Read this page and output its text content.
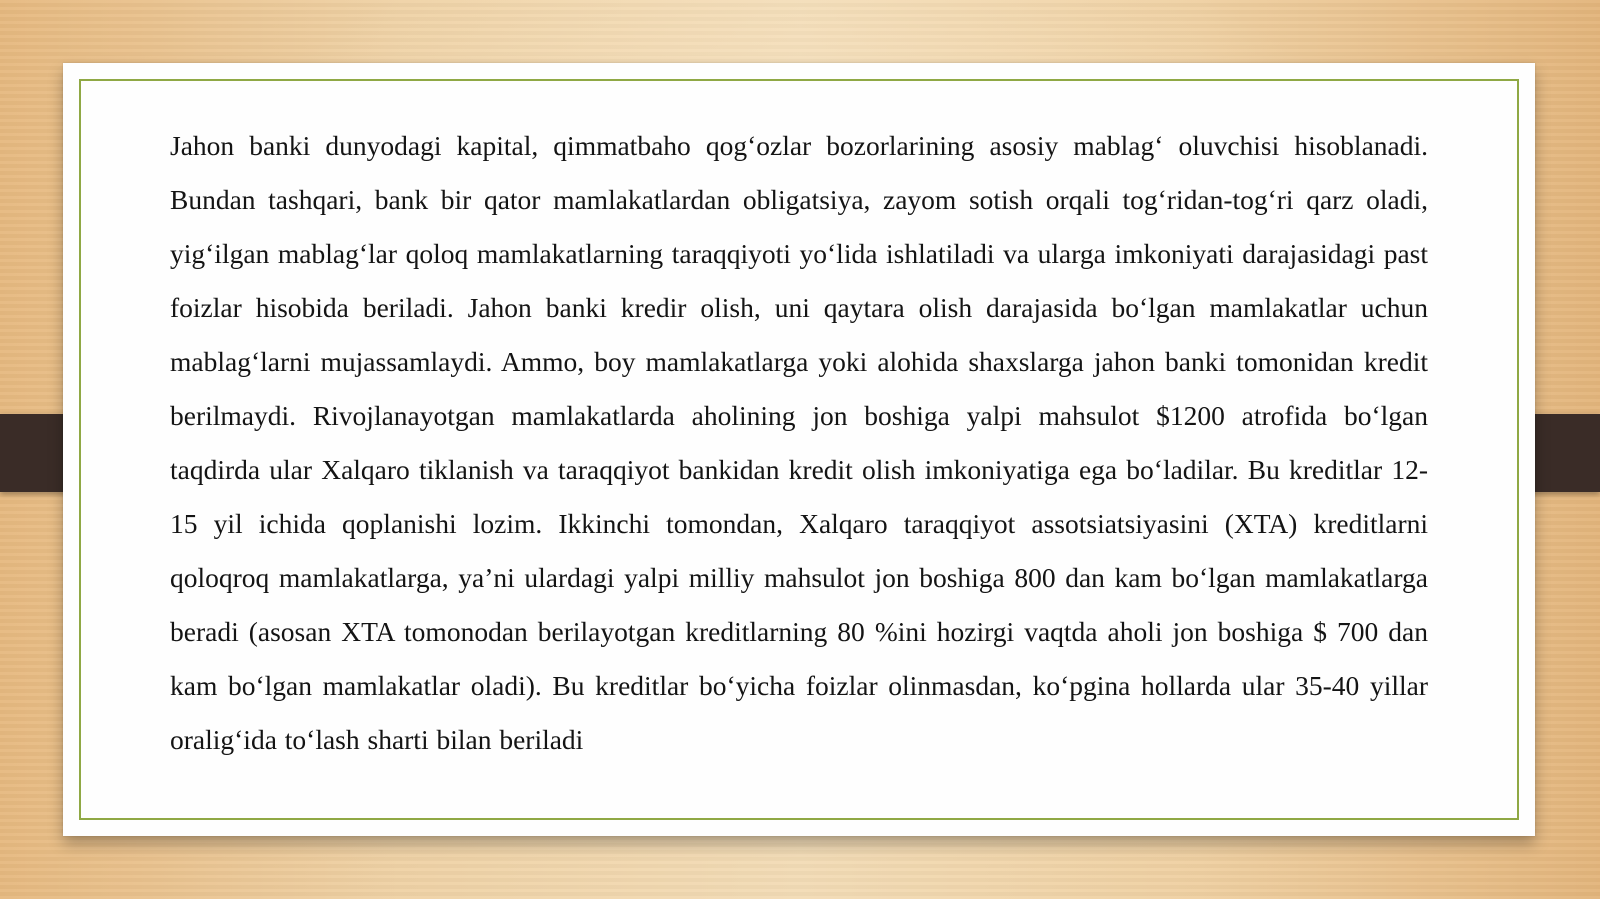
Jahon banki dunyodagi kapital, qimmatbaho qog‘ozlar bozorlarining asosiy mablag‘ oluvchisi hisoblanadi. Bundan tashqari, bank bir qator mamlakatlardan obligatsiya, zayom sotish orqali tog‘ridan-tog‘ri qarz oladi, yig‘ilgan mablag‘lar qoloq mamlakatlarning taraqqiyoti yo‘lida ishlatiladi va ularga imkoniyati darajasidagi past foizlar hisobida beriladi. Jahon banki kredir olish, uni qaytara olish darajasida bo‘lgan mamlakatlar uchun mablag‘larni mujassamlaydi. Ammo, boy mamlakatlarga yoki alohida shaxslarga jahon banki tomonidan kredit berilmaydi. Rivojlanayotgan mamlakatlarda aholining jon boshiga yalpi mahsulot $1200 atrofida bo‘lgan taqdirda ular Xalqaro tiklanish va taraqqiyot bankidan kredit olish imkoniyatiga ega bo‘ladilar. Bu kreditlar 12-15 yil ichida qoplanishi lozim. Ikkinchi tomondan, Xalqaro taraqqiyot assotsiatsiyasini (XTA) kreditlarni qoloqroq mamlakatlarga, ya’ni ulardagi yalpi milliy mahsulot jon boshiga 800 dan kam bo‘lgan mamlakatlarga beradi (asosan XTA tomonodan berilayotgan kreditlarning 80 %ini hozirgi vaqtda aholi jon boshiga $ 700 dan kam bo‘lgan mamlakatlar oladi). Bu kreditlar bo‘yicha foizlar olinmasdan, ko‘pgina hollarda ular 35-40 yillar oralig‘ida to‘lash sharti bilan beriladi
